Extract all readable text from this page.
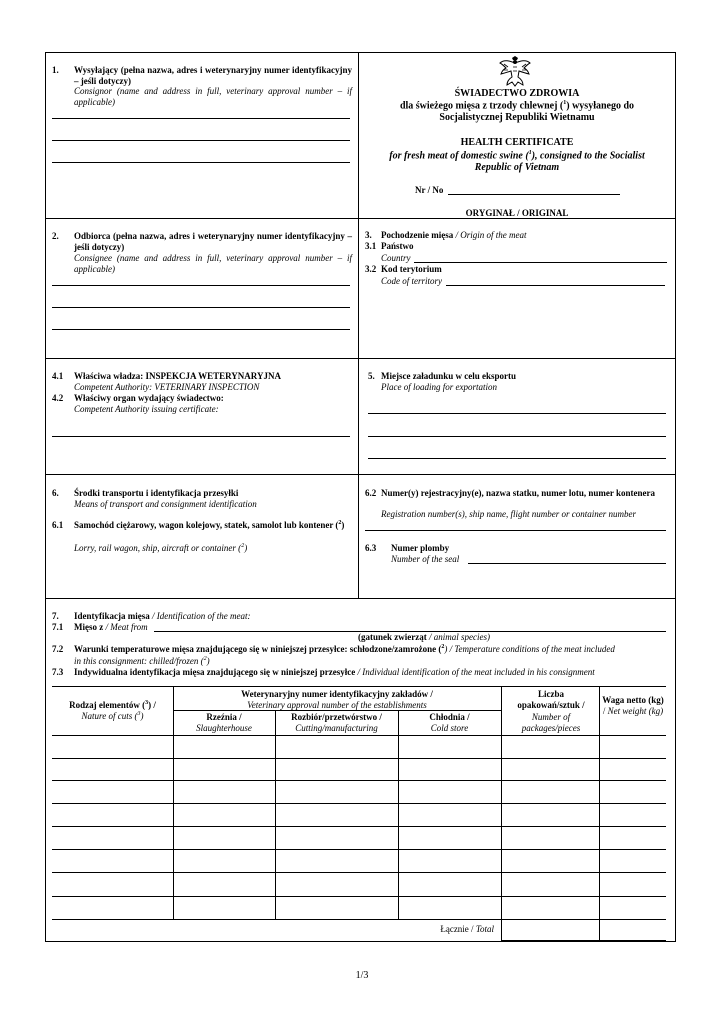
1. Wysyłający (pełna nazwa, adres i weterynaryjny numer identyfikacyjny – jeśli dotyczy)
Consignor (name and address in full, veterinary approval number – if applicable)
ŚWIADECTWO ZDROWIA
dla świeżego mięsa z trzody chlewnej ($^1$) wysyłanego do
Socjalistycznej Republiki Wietnamu
HEALTH CERTIFICATE
for fresh meat of domestic swine ($^1$), consigned to the Socialist
Republic of Vietnam
Nr / No
ORYGINAŁ / ORIGINAL
2. Odbiorca (pełna nazwa, adres i weterynaryjny numer identyfikacyjny – jeśli dotyczy)
Consignee (name and address in full, veterinary approval number – if applicable)
3. Pochodzenie mięsa / Origin of the meat
3.1 Państwo
Country
3.2 Kod terytorium
Code of territory
4.1 Właściwa władza: INSPEKCJA WETERYNARYJNA
Competent Authority: VETERINARY INSPECTION
4.2 Właściwy organ wydający świadectwo:
Competent Authority issuing certificate:
5. Miejsce załadunku w celu eksportu
Place of loading for exportation
6. Środki transportu i identyfikacja przesyłki
Means of transport and consignment identification
6.1 Samochód ciężarowy, wagon kolejowy, statek, samolot lub kontener ($^2$)
Lorry, rail wagon, ship, aircraft or container ($^2$)
6.2 Numer(y) rejestracyjny(e), nazwa statku, numer lotu, numer kontenera
Registration number(s), ship name, flight number or container number
6.3 Numer plomby
Number of the seal
7. Identyfikacja mięsa / Identification of the meat:
7.1 Mięso z / Meat from
(gatunek zwierząt / animal species)
7.2 Warunki temperaturowe mięsa znajdującego się w niniejszej przesyłce: schłodzone/zamrożone ($^2$) / Temperature conditions of the meat included
in this consignment: chilled/frozen ($^2$)
7.3 Indywidualna identyfikacja mięsa znajdującego się w niniejszej przesyłce / Individual identification of the meat included in his consignment
Rodzaj elementów ($^3$) /
Nature of cuts ($^3$)
Weterynaryjny numer identyfikacyjny zakładów /
Veterinary approval number of the establishments
Rzeźnia /
Slaughterhouse
Rozbiór/przetwórstwo /
Cutting/manufacturing
Chłodnia /
Cold store
Liczba opakowań/sztuk /
Number of packages/pieces
Waga netto (kg) / Net weight (kg)
Łącznie / Total
1/3
